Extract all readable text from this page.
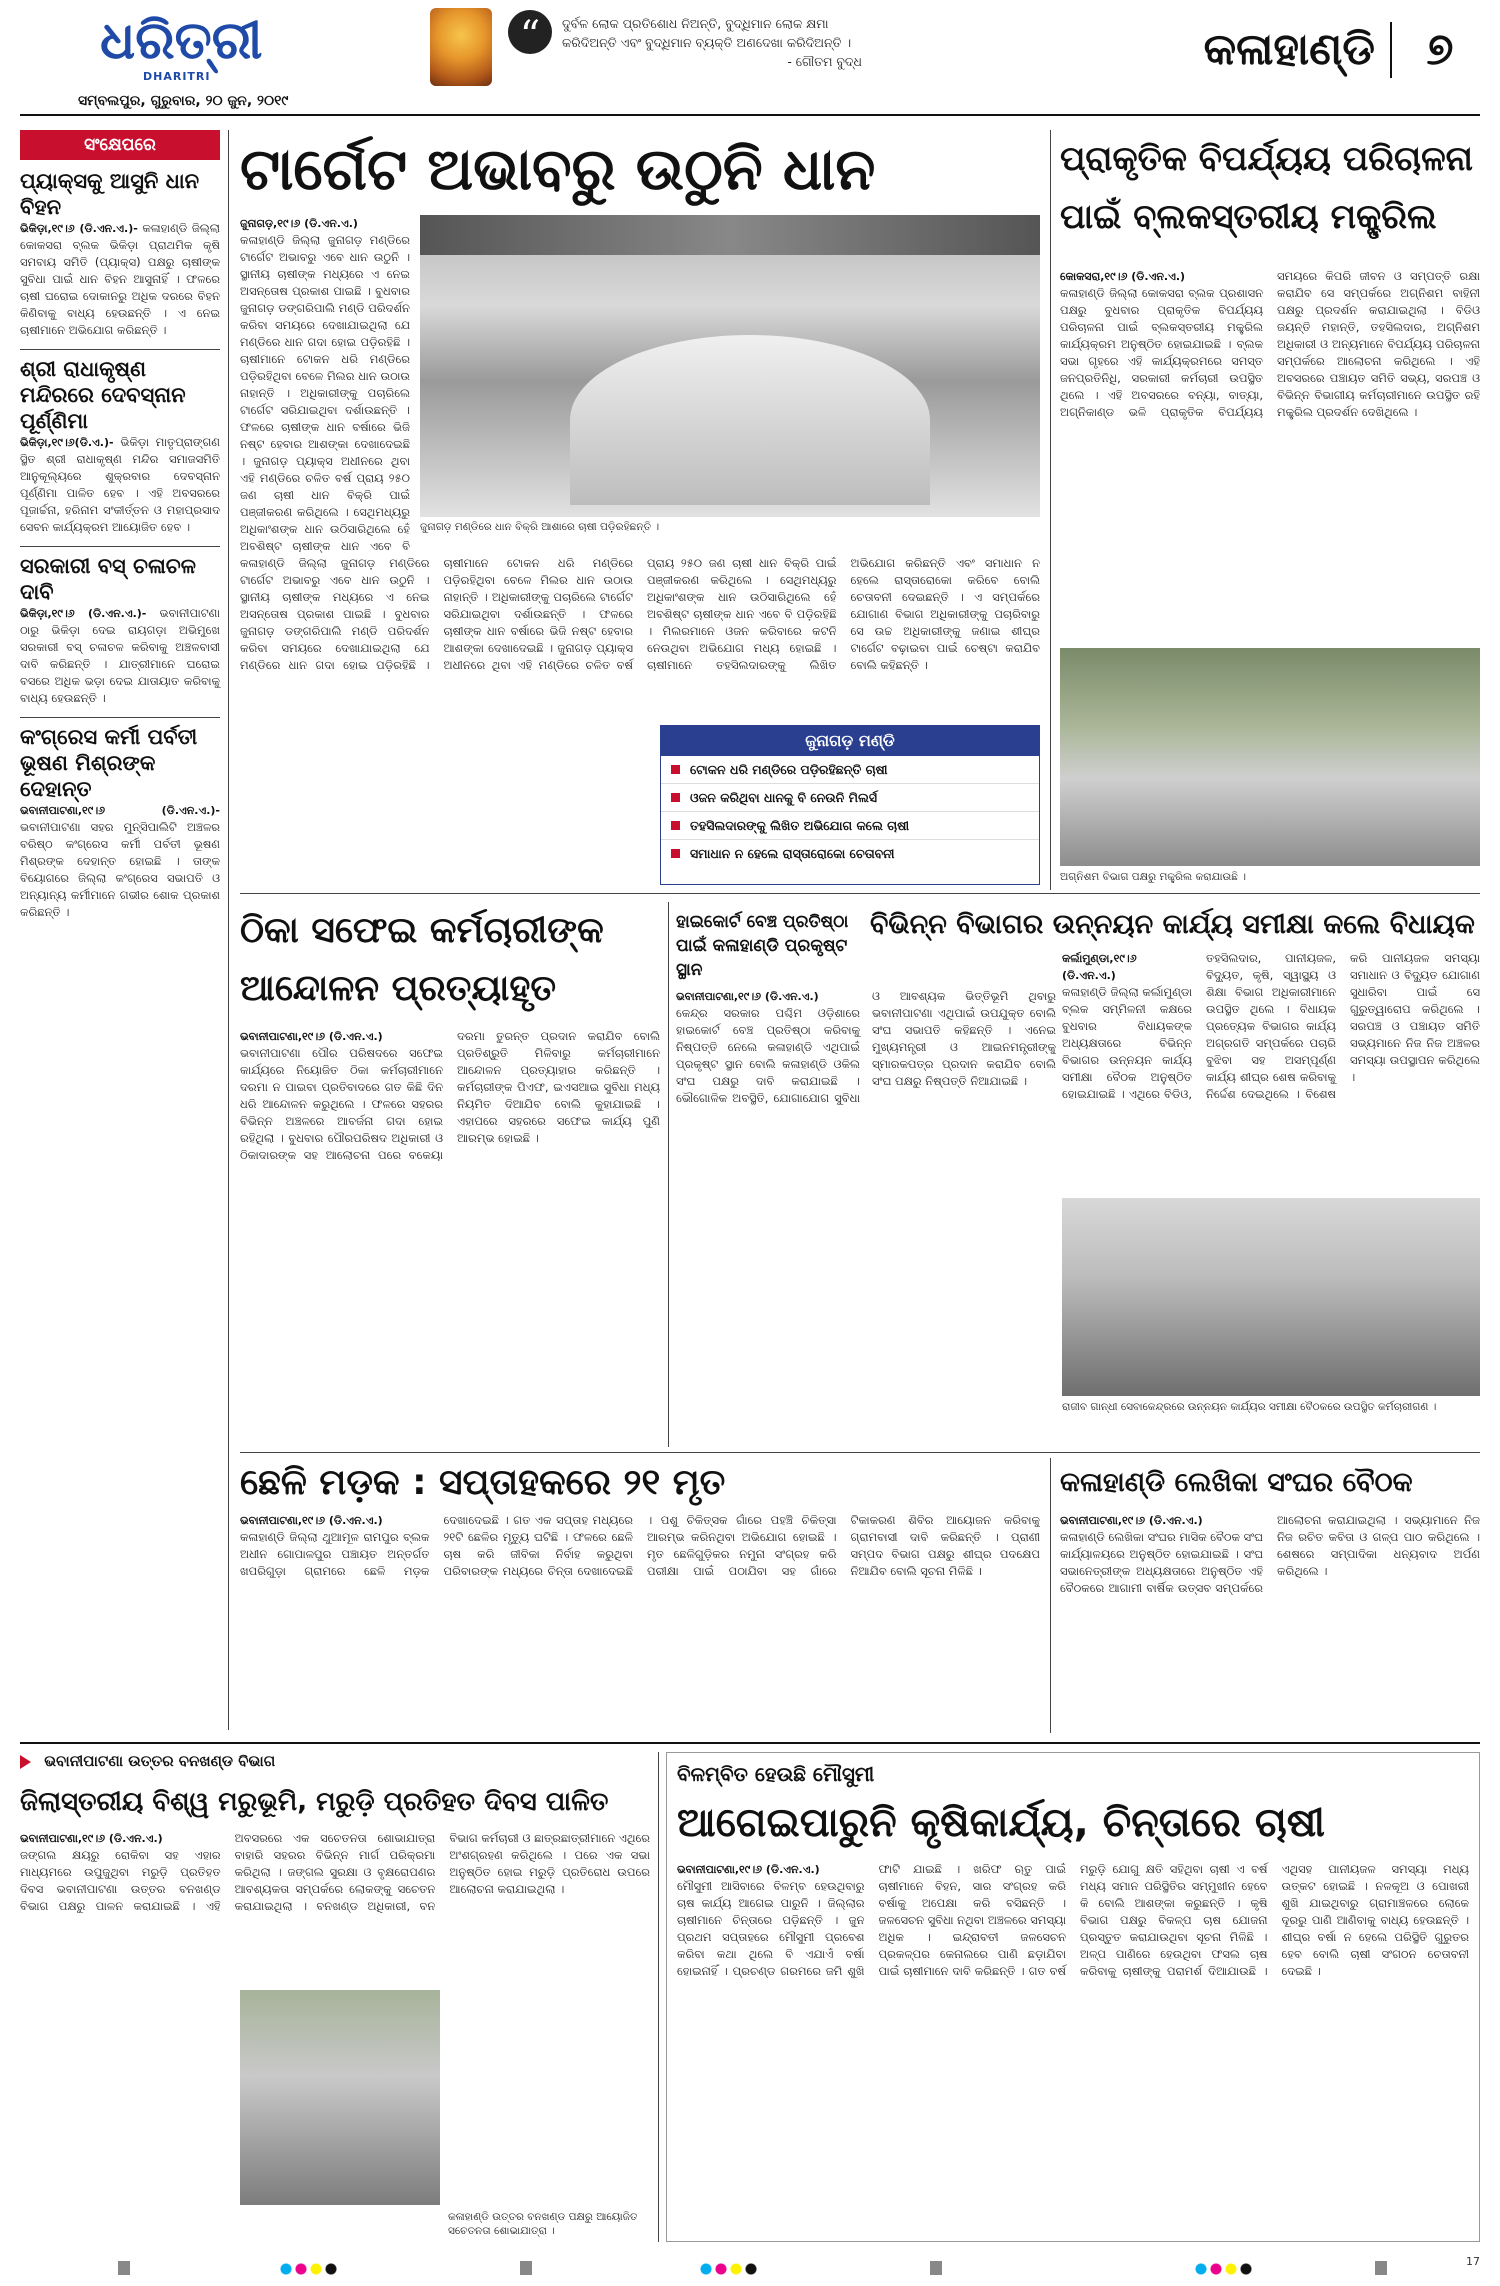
ଧରିତ୍ରୀ
DHARITRI
ସମ୍ବଲପୁର, ଗୁରୁବାର, ୨୦ ଜୁନ, ୨୦୧୯
“	ଦୁର୍ବଳ ଲୋକ ପ୍ରତିଶୋଧ ନିଅନ୍ତି, ବୁଦ୍ଧିମାନ ଲୋକ କ୍ଷମା
କରିଦିଅନ୍ତି ଏବଂ ବୁଦ୍ଧିମାନ ବ୍ୟକ୍ତି ଅଣଦେଖା କରିଦିଅନ୍ତି ।
- ଗୌତମ ବୁଦ୍ଧ	କଳାହାଣ୍ଡି	୭
ସଂକ୍ଷେପରେ
ପ୍ୟାକ୍ସକୁ ଆସୁନି ଧାନ ବିହନ
ଭିକିଡ଼ା,୧୯।୬ (ଡି.ଏନ.ଏ.)- କଳାହାଣ୍ଡି ଜିଲ୍ଲା କୋକସରା ବ୍ଲକ ଭିକିଡ଼ା ପ୍ରାଥମିକ କୃଷି ସମବାୟ ସମିତି (ପ୍ୟାକ୍ସ) ପକ୍ଷରୁ ଚାଷୀଙ୍କ ସୁବିଧା ପାଇଁ ଧାନ ବିହନ ଆସୁନାହିଁ । ଫଳରେ ଚାଷୀ ଘରୋଇ ଦୋକାନରୁ ଅଧିକ ଦରରେ ବିହନ କିଣିବାକୁ ବାଧ୍ୟ ହେଉଛନ୍ତି । ଏ ନେଇ ଚାଷୀମାନେ ଅଭିଯୋଗ କରିଛନ୍ତି ।
ଶ୍ରୀ ରାଧାକୃଷ୍ଣ ମନ୍ଦିରରେ ଦେବସ୍ନାନ ପୂର୍ଣ୍ଣିମା
ଭିକିଡ଼ା,୧୯।୬(ଡି.ଏ.)- ଭିକିଡ଼ା ମାତୃପ୍ରାଙ୍ଗଣ ସ୍ଥିତ ଶ୍ରୀ ରାଧାକୃଷ୍ଣ ମନ୍ଦିର ସମାଜସମିତି ଆନୁକୂଲ୍ୟରେ ଶୁକ୍ରବାର ଦେବସ୍ନାନ ପୂର୍ଣ୍ଣିମା ପାଳିତ ହେବ । ଏହି ଅବସରରେ ପୂଜାର୍ଚ୍ଚନା, ହରିନାମ ସଂକୀର୍ତ୍ତନ ଓ ମହାପ୍ରସାଦ ସେବନ କାର୍ଯ୍ୟକ୍ରମ ଆୟୋଜିତ ହେବ ।
ସରକାରୀ ବସ୍ ଚଳାଚଳ ଦାବି
ଭିକିଡ଼ା,୧୯।୬ (ଡି.ଏନ.ଏ.)- ଭବାନୀପାଟଣା ଠାରୁ ଭିକିଡ଼ା ଦେଇ ରାୟଗଡ଼ା ଅଭିମୁଖେ ସରକାରୀ ବସ୍ ଚଳାଚଳ କରିବାକୁ ଅଞ୍ଚଳବାସୀ ଦାବି କରିଛନ୍ତି । ଯାତ୍ରୀମାନେ ଘରୋଇ ବସରେ ଅଧିକ ଭଡ଼ା ଦେଇ ଯାତାୟାତ କରିବାକୁ ବାଧ୍ୟ ହେଉଛନ୍ତି ।
କଂଗ୍ରେସ କର୍ମୀ ପର୍ବତୀ ଭୂଷଣ ମିଶ୍ରଙ୍କ ଦେହାନ୍ତ
ଭବାନୀପାଟଣା,୧୯।୬ (ଡି.ଏନ.ଏ.)- ଭବାନୀପାଟଣା ସହର ମୁନ୍ସିପାଲିଟି ଅଞ୍ଚଳର ବରିଷ୍ଠ କଂଗ୍ରେସ କର୍ମୀ ପର୍ବତୀ ଭୂଷଣ ମିଶ୍ରଙ୍କ ଦେହାନ୍ତ ହୋଇଛି । ତାଙ୍କ ବିୟୋଗରେ ଜିଲ୍ଲା କଂଗ୍ରେସ ସଭାପତି ଓ ଅନ୍ୟାନ୍ୟ କର୍ମୀମାନେ ଗଭୀର ଶୋକ ପ୍ରକାଶ କରିଛନ୍ତି ।
ଟାର୍ଗେଟ ଅଭାବରୁ ଉଠୁନି ଧାନ
ଜୁନାଗଡ଼,୧୯।୬ (ଡି.ଏନ.ଏ.)
କଳାହାଣ୍ଡି ଜିଲ୍ଲା ଜୁନାଗଡ଼ ମଣ୍ଡିରେ ଟାର୍ଗେଟ ଅଭାବରୁ ଏବେ ଧାନ ଉଠୁନି । ସ୍ଥାନୀୟ ଚାଷୀଙ୍କ ମଧ୍ୟରେ ଏ ନେଇ ଅସନ୍ତୋଷ ପ୍ରକାଶ ପାଇଛି । ବୁଧବାର ଜୁନାଗଡ଼ ଡଙ୍ଗରିପାଲି ମଣ୍ଡି ପରିଦର୍ଶନ କରିବା ସମୟରେ ଦେଖାଯାଇଥିଲା ଯେ ମଣ୍ଡିରେ ଧାନ ଗଦା ହୋଇ ପଡ଼ିରହିଛି । ଚାଷୀମାନେ ଟୋକନ ଧରି ମଣ୍ଡିରେ ପଡ଼ିରହିଥିବା ବେଳେ ମିଲର ଧାନ ଉଠାଉ ନାହାନ୍ତି । ଅଧିକାରୀଙ୍କୁ ପଚାରିଲେ ଟାର୍ଗେଟ ସରିଯାଇଥିବା ଦର୍ଶାଉଛନ୍ତି । ଫଳରେ ଚାଷୀଙ୍କ ଧାନ ବର୍ଷାରେ ଭିଜି ନଷ୍ଟ ହେବାର ଆଶଙ୍କା ଦେଖାଦେଇଛି । ଜୁନାଗଡ଼ ପ୍ୟାକ୍ସ ଅଧୀନରେ ଥିବା ଏହି ମଣ୍ଡିରେ ଚଳିତ ବର୍ଷ ପ୍ରାୟ ୨୫୦ ଜଣ ଚାଷୀ ଧାନ ବିକ୍ରି ପାଇଁ ପଞ୍ଜୀକରଣ କରିଥିଲେ । ସେଥିମଧ୍ୟରୁ ଅଧିକାଂଶଙ୍କ ଧାନ ଉଠିସାରିଥିଲେ ହେଁ ଅବଶିଷ୍ଟ ଚାଷୀଙ୍କ ଧାନ ଏବେ ବି
ଜୁନାଗଡ଼ ମଣ୍ଡିରେ ଧାନ ବିକ୍ରି ଆଶାରେ ଚାଷୀ ପଡ଼ିରହିଛନ୍ତି ।
କଳାହାଣ୍ଡି ଜିଲ୍ଲା ଜୁନାଗଡ଼ ମଣ୍ଡିରେ ଟାର୍ଗେଟ ଅଭାବରୁ ଏବେ ଧାନ ଉଠୁନି । ସ୍ଥାନୀୟ ଚାଷୀଙ୍କ ମଧ୍ୟରେ ଏ ନେଇ ଅସନ୍ତୋଷ ପ୍ରକାଶ ପାଇଛି । ବୁଧବାର ଜୁନାଗଡ଼ ଡଙ୍ଗରିପାଲି ମଣ୍ଡି ପରିଦର୍ଶନ କରିବା ସମୟରେ ଦେଖାଯାଇଥିଲା ଯେ ମଣ୍ଡିରେ ଧାନ ଗଦା ହୋଇ ପଡ଼ିରହିଛି । ଚାଷୀମାନେ ଟୋକନ ଧରି ମଣ୍ଡିରେ ପଡ଼ିରହିଥିବା ବେଳେ ମିଲର ଧାନ ଉଠାଉ ନାହାନ୍ତି । ଅଧିକାରୀଙ୍କୁ ପଚାରିଲେ ଟାର୍ଗେଟ ସରିଯାଇଥିବା ଦର୍ଶାଉଛନ୍ତି । ଫଳରେ ଚାଷୀଙ୍କ ଧାନ ବର୍ଷାରେ ଭିଜି ନଷ୍ଟ ହେବାର ଆଶଙ୍କା ଦେଖାଦେଇଛି । ଜୁନାଗଡ଼ ପ୍ୟାକ୍ସ ଅଧୀନରେ ଥିବା ଏହି ମଣ୍ଡିରେ ଚଳିତ ବର୍ଷ ପ୍ରାୟ ୨୫୦ ଜଣ ଚାଷୀ ଧାନ ବିକ୍ରି ପାଇଁ ପଞ୍ଜୀକରଣ କରିଥିଲେ । ସେଥିମଧ୍ୟରୁ ଅଧିକାଂଶଙ୍କ ଧାନ ଉଠିସାରିଥିଲେ ହେଁ ଅବଶିଷ୍ଟ ଚାଷୀଙ୍କ ଧାନ ଏବେ ବି ପଡ଼ିରହିଛି । ମିଲରମାନେ ଓଜନ କରିବାରେ କଟନି ନେଉଥିବା ଅଭିଯୋଗ ମଧ୍ୟ ହୋଇଛି । ଚାଷୀମାନେ ତହସିଲଦାରଙ୍କୁ ଲିଖିତ ଅଭିଯୋଗ କରିଛନ୍ତି ଏବଂ ସମାଧାନ ନ ହେଲେ ରାସ୍ତାରୋକୋ କରିବେ ବୋଲି ଚେତାବନୀ ଦେଇଛନ୍ତି । ଏ ସମ୍ପର୍କରେ ଯୋଗାଣ ବିଭାଗ ଅଧିକାରୀଙ୍କୁ ପଚାରିବାରୁ ସେ ଉଚ୍ଚ ଅଧିକାରୀଙ୍କୁ ଜଣାଇ ଶୀଘ୍ର ଟାର୍ଗେଟ ବଢ଼ାଇବା ପାଇଁ ଚେଷ୍ଟା କରାଯିବ ବୋଲି କହିଛନ୍ତି ।
ଜୁନାଗଡ଼ ମଣ୍ଡି
ଟୋକନ ଧରି ମଣ୍ଡିରେ ପଡ଼ିରହିଛନ୍ତି ଚାଷୀ
ଓଜନ କରିଥିବା ଧାନକୁ ବି ନେଉନି ମିଲର୍ସ
ତହସିଲଦାରଙ୍କୁ ଲିଖିତ ଅଭିଯୋଗ କଲେ ଚାଷୀ
ସମାଧାନ ନ ହେଲେ ରାସ୍ତାରୋକୋ ଚେତାବନୀ
ପ୍ରାକୃତିକ ବିପର୍ଯ୍ୟୟ ପରିଚାଳନା ପାଇଁ ବ୍ଲକସ୍ତରୀୟ ମକ୍ଡ୍ରିଲ
କୋକସରା,୧୯।୬ (ଡି.ଏନ.ଏ.)
କଳାହାଣ୍ଡି ଜିଲ୍ଲା କୋକସରା ବ୍ଲକ ପ୍ରଶାସନ ପକ୍ଷରୁ ବୁଧବାର ପ୍ରାକୃତିକ ବିପର୍ଯ୍ୟୟ ପରିଚାଳନା ପାଇଁ ବ୍ଲକସ୍ତରୀୟ ମକ୍ଡ୍ରିଲ କାର୍ଯ୍ୟକ୍ରମ ଅନୁଷ୍ଠିତ ହୋଇଯାଇଛି । ବ୍ଲକ ସଭା ଗୃହରେ ଏହି କାର୍ଯ୍ୟକ୍ରମରେ ସମସ୍ତ ଜନପ୍ରତିନିଧି, ସରକାରୀ କର୍ମଚାରୀ ଉପସ୍ଥିତ ଥିଲେ । ଏହି ଅବସରରେ ବନ୍ୟା, ବାତ୍ୟା, ଅଗ୍ନିକାଣ୍ଡ ଭଳି ପ୍ରାକୃତିକ ବିପର୍ଯ୍ୟୟ ସମୟରେ କିପରି ଜୀବନ ଓ ସମ୍ପତ୍ତି ରକ୍ଷା କରାଯିବ ସେ ସମ୍ପର୍କରେ ଅଗ୍ନିଶମ ବାହିନୀ ପକ୍ଷରୁ ପ୍ରଦର୍ଶନ କରାଯାଇଥିଲା । ବିଡିଓ ଜୟନ୍ତି ମହାନ୍ତି, ତହସିଲଦାର, ଅଗ୍ନିଶମ ଅଧିକାରୀ ଓ ଅନ୍ୟମାନେ ବିପର୍ଯ୍ୟୟ ପରିଚାଳନା ସମ୍ପର୍କରେ ଆଲୋଚନା କରିଥିଲେ । ଏହି ଅବସରରେ ପଞ୍ଚାୟତ ସମିତି ସଭ୍ୟ, ସରପଞ୍ଚ ଓ ବିଭିନ୍ନ ବିଭାଗୀୟ କର୍ମଚାରୀମାନେ ଉପସ୍ଥିତ ରହି ମକ୍ଡ୍ରିଲ ପ୍ରଦର୍ଶନ ଦେଖିଥିଲେ ।
ଅଗ୍ନିଶମ ବିଭାଗ ପକ୍ଷରୁ ମକ୍ଡ୍ରିଲ କରାଯାଉଛି ।
ଠିକା ସଫେଇ କର୍ମଚାରୀଙ୍କ ଆନ୍ଦୋଳନ ପ୍ରତ୍ୟାହୃତ
ଭବାନୀପାଟଣା,୧୯।୬ (ଡି.ଏନ.ଏ.)
ଭବାନୀପାଟଣା ପୌର ପରିଷଦରେ ସଫେଇ କାର୍ଯ୍ୟରେ ନିୟୋଜିତ ଠିକା କର୍ମଚାରୀମାନେ ଦରମା ନ ପାଇବା ପ୍ରତିବାଦରେ ଗତ କିଛି ଦିନ ଧରି ଆନ୍ଦୋଳନ କରୁଥିଲେ । ଫଳରେ ସହରର ବିଭିନ୍ନ ଅଞ୍ଚଳରେ ଆବର୍ଜନା ଗଦା ହୋଇ ରହିଥିଲା । ବୁଧବାର ପୌରପରିଷଦ ଅଧିକାରୀ ଓ ଠିକାଦାରଙ୍କ ସହ ଆଲୋଚନା ପରେ ବକେୟା ଦରମା ତୁରନ୍ତ ପ୍ରଦାନ କରାଯିବ ବୋଲି ପ୍ରତିଶ୍ରୁତି ମିଳିବାରୁ କର୍ମଚାରୀମାନେ ଆନ୍ଦୋଳନ ପ୍ରତ୍ୟାହାର କରିଛନ୍ତି । କର୍ମଚାରୀଙ୍କ ପିଏଫ, ଇଏସଆଇ ସୁବିଧା ମଧ୍ୟ ନିୟମିତ ଦିଆଯିବ ବୋଲି କୁହାଯାଇଛି । ଏହାପରେ ସହରରେ ସଫେଇ କାର୍ଯ୍ୟ ପୁଣି ଆରମ୍ଭ ହୋଇଛି ।
ହାଇକୋର୍ଟ ବେଞ୍ଚ ପ୍ରତିଷ୍ଠା ପାଇଁ କଳାହାଣ୍ଡି ପ୍ରକୃଷ୍ଟ ସ୍ଥାନ
ଭବାନୀପାଟଣା,୧୯।୬ (ଡି.ଏନ.ଏ.)
କେନ୍ଦ୍ର ସରକାର ପଶ୍ଚିମ ଓଡ଼ିଶାରେ ହାଇକୋର୍ଟ ବେଞ୍ଚ ପ୍ରତିଷ୍ଠା କରିବାକୁ ନିଷ୍ପତ୍ତି ନେଲେ କଳାହାଣ୍ଡି ଏଥିପାଇଁ ପ୍ରକୃଷ୍ଟ ସ୍ଥାନ ବୋଲି କଳାହାଣ୍ଡି ଓକିଲ ସଂଘ ପକ୍ଷରୁ ଦାବି କରାଯାଇଛି । ଭୌଗୋଳିକ ଅବସ୍ଥିତି, ଯୋଗାଯୋଗ ସୁବିଧା ଓ ଆବଶ୍ୟକ ଭିତ୍ତିଭୂମି ଥିବାରୁ ଭବାନୀପାଟଣା ଏଥିପାଇଁ ଉପଯୁକ୍ତ ବୋଲି ସଂଘ ସଭାପତି କହିଛନ୍ତି । ଏନେଇ ମୁଖ୍ୟମନ୍ତ୍ରୀ ଓ ଆଇନମନ୍ତ୍ରୀଙ୍କୁ ସ୍ମାରକପତ୍ର ପ୍ରଦାନ କରାଯିବ ବୋଲି ସଂଘ ପକ୍ଷରୁ ନିଷ୍ପତ୍ତି ନିଆଯାଇଛି ।
ବିଭିନ୍ନ ବିଭାଗର ଉନ୍ନୟନ କାର୍ଯ୍ୟ ସମୀକ୍ଷା କଲେ ବିଧାୟକ
କର୍ଲାମୁଣ୍ଡା,୧୯।୬ (ଡି.ଏନ.ଏ.)
କଳାହାଣ୍ଡି ଜିଲ୍ଲା କର୍ଲାମୁଣ୍ଡା ବ୍ଲକ ସମ୍ମିଳନୀ କକ୍ଷରେ ବୁଧବାର ବିଧାୟକଙ୍କ ଅଧ୍ୟକ୍ଷତାରେ ବିଭିନ୍ନ ବିଭାଗର ଉନ୍ନୟନ କାର୍ଯ୍ୟ ସମୀକ୍ଷା ବୈଠକ ଅନୁଷ୍ଠିତ ହୋଇଯାଇଛି । ଏଥିରେ ବିଡିଓ, ତହସିଲଦାର, ପାନୀୟଜଳ, ବିଦ୍ୟୁତ, କୃଷି, ସ୍ୱାସ୍ଥ୍ୟ ଓ ଶିକ୍ଷା ବିଭାଗ ଅଧିକାରୀମାନେ ଉପସ୍ଥିତ ଥିଲେ । ବିଧାୟକ ପ୍ରତ୍ୟେକ ବିଭାଗର କାର୍ଯ୍ୟ ଅଗ୍ରଗତି ସମ୍ପର୍କରେ ପଚାରି ବୁଝିବା ସହ ଅସମ୍ପୂର୍ଣ୍ଣ କାର୍ଯ୍ୟ ଶୀଘ୍ର ଶେଷ କରିବାକୁ ନିର୍ଦ୍ଦେଶ ଦେଇଥିଲେ । ବିଶେଷ କରି ପାନୀୟଜଳ ସମସ୍ୟା ସମାଧାନ ଓ ବିଦ୍ୟୁତ ଯୋଗାଣ ସୁଧାରିବା ପାଇଁ ସେ ଗୁରୁତ୍ୱାରୋପ କରିଥିଲେ । ସରପଞ୍ଚ ଓ ପଞ୍ଚାୟତ ସମିତି ସଭ୍ୟମାନେ ନିଜ ନିଜ ଅଞ୍ଚଳର ସମସ୍ୟା ଉପସ୍ଥାପନ କରିଥିଲେ ।
ରାଜୀବ ଗାନ୍ଧୀ ସେବାକେନ୍ଦ୍ରରେ ଉନ୍ନୟନ କାର୍ଯ୍ୟର ସମୀକ୍ଷା ବୈଠକରେ ଉପସ୍ଥିତ କର୍ମଚାରୀଗଣ ।
ଛେଳି ମଡ଼କ : ସପ୍ତାହକରେ ୨୧ ମୃତ
ଭବାନୀପାଟଣା,୧୯।୬ (ଡି.ଏନ.ଏ.)
କଳାହାଣ୍ଡି ଜିଲ୍ଲା ଥୁଆମୂଳ ରାମପୁର ବ୍ଲକ ଅଧୀନ ଗୋପାଳପୁର ପଞ୍ଚାୟତ ଅନ୍ତର୍ଗତ ଖପରିଗୁଡ଼ା ଗ୍ରାମରେ ଛେଳି ମଡ଼କ ଦେଖାଦେଇଛି । ଗତ ଏକ ସପ୍ତାହ ମଧ୍ୟରେ ୨୧ଟି ଛେଳିର ମୃତ୍ୟୁ ଘଟିଛି । ଫଳରେ ଛେଳି ଚାଷ କରି ଜୀବିକା ନିର୍ବାହ କରୁଥିବା ପରିବାରଙ୍କ ମଧ୍ୟରେ ଚିନ୍ତା ଦେଖାଦେଇଛି । ପଶୁ ଚିକିତ୍ସକ ଗାଁରେ ପହଞ୍ଚି ଚିକିତ୍ସା ଆରମ୍ଭ କରିନଥିବା ଅଭିଯୋଗ ହୋଇଛି । ମୃତ ଛେଳିଗୁଡ଼ିକର ନମୁନା ସଂଗ୍ରହ କରି ପରୀକ୍ଷା ପାଇଁ ପଠାଯିବା ସହ ଗାଁରେ ଟିକାକରଣ ଶିବିର ଆୟୋଜନ କରିବାକୁ ଗ୍ରାମବାସୀ ଦାବି କରିଛନ୍ତି । ପ୍ରାଣୀ ସମ୍ପଦ ବିଭାଗ ପକ୍ଷରୁ ଶୀଘ୍ର ପଦକ୍ଷେପ ନିଆଯିବ ବୋଲି ସୂଚନା ମିଳିଛି ।
କଳାହାଣ୍ଡି ଲେଖିକା ସଂଘର ବୈଠକ
ଭବାନୀପାଟଣା,୧୯।୬ (ଡି.ଏନ.ଏ.)
କଳାହାଣ୍ଡି ଲେଖିକା ସଂଘର ମାସିକ ବୈଠକ ସଂଘ କାର୍ଯ୍ୟାଳୟରେ ଅନୁଷ୍ଠିତ ହୋଇଯାଇଛି । ସଂଘ ସଭାନେତ୍ରୀଙ୍କ ଅଧ୍ୟକ୍ଷତାରେ ଅନୁଷ୍ଠିତ ଏହି ବୈଠକରେ ଆଗାମୀ ବାର୍ଷିକ ଉତ୍ସବ ସମ୍ପର୍କରେ ଆଲୋଚନା କରାଯାଇଥିଲା । ସଭ୍ୟାମାନେ ନିଜ ନିଜ ରଚିତ କବିତା ଓ ଗଳ୍ପ ପାଠ କରିଥିଲେ । ଶେଷରେ ସମ୍ପାଦିକା ଧନ୍ୟବାଦ ଅର୍ପଣ କରିଥିଲେ ।
ଭବାନୀପାଟଣା ଉତ୍ତର ବନଖଣ୍ଡ ବିଭାଗ
ଜିଲାସ୍ତରୀୟ ବିଶ୍ୱ ମରୁଭୂମି, ମରୁଡ଼ି ପ୍ରତିହତ ଦିବସ ପାଳିତ
ଭବାନୀପାଟଣା,୧୯।୬ (ଡି.ଏନ.ଏ.)
ଜଙ୍ଗଲ କ୍ଷୟରୁ ରୋକିବା ସହ ଏହାର ମାଧ୍ୟମରେ ଉପୁଜୁଥିବା ମରୁଡ଼ି ପ୍ରତିହତ ଦିବସ ଭବାନୀପାଟଣା ଉତ୍ତର ବନଖଣ୍ଡ ବିଭାଗ ପକ୍ଷରୁ ପାଳନ କରାଯାଇଛି । ଏହି ଅବସରରେ ଏକ ସଚେତନତା ଶୋଭାଯାତ୍ରା ବାହାରି ସହରର ବିଭିନ୍ନ ମାର୍ଗ ପରିକ୍ରମା କରିଥିଲା । ଜଙ୍ଗଲ ସୁରକ୍ଷା ଓ ବୃକ୍ଷରୋପଣର ଆବଶ୍ୟକତା ସମ୍ପର୍କରେ ଲୋକଙ୍କୁ ସଚେତନ କରାଯାଇଥିଲା । ବନଖଣ୍ଡ ଅଧିକାରୀ, ବନ ବିଭାଗ କର୍ମଚାରୀ ଓ ଛାତ୍ରଛାତ୍ରୀମାନେ ଏଥିରେ ଅଂଶଗ୍ରହଣ କରିଥିଲେ । ପରେ ଏକ ସଭା ଅନୁଷ୍ଠିତ ହୋଇ ମରୁଡ଼ି ପ୍ରତିରୋଧ ଉପରେ ଆଲୋଚନା କରାଯାଇଥିଲା ।
କଳାହାଣ୍ଡି ଉତ୍ତର ବନଖଣ୍ଡ ପକ୍ଷରୁ ଆୟୋଜିତ ସଚେତନତା ଶୋଭାଯାତ୍ରା ।
ବିଳମ୍ବିତ ହେଉଛି ମୌସୁମୀ
ଆଗେଇପାରୁନି କୃଷିକାର୍ଯ୍ୟ, ଚିନ୍ତାରେ ଚାଷୀ
ଭବାନୀପାଟଣା,୧୯।୬ (ଡି.ଏନ.ଏ.)
ମୌସୁମୀ ଆସିବାରେ ବିଳମ୍ବ ହେଉଥିବାରୁ ଚାଷ କାର୍ଯ୍ୟ ଆଗେଇ ପାରୁନି । ଜିଲ୍ଲାର ଚାଷୀମାନେ ଚିନ୍ତାରେ ପଡ଼ିଛନ୍ତି । ଜୁନ ପ୍ରଥମ ସପ୍ତାହରେ ମୌସୁମୀ ପ୍ରବେଶ କରିବା କଥା ଥିଲେ ବି ଏଯାଏଁ ବର୍ଷା ହୋଇନାହିଁ । ପ୍ରଚଣ୍ଡ ଗରମରେ ଜମି ଶୁଖି ଫାଟି ଯାଇଛି । ଖରିଫ ଋତୁ ପାଇଁ ଚାଷୀମାନେ ବିହନ, ସାର ସଂଗ୍ରହ କରି ବର୍ଷାକୁ ଅପେକ୍ଷା କରି ବସିଛନ୍ତି । ଜଳସେଚନ ସୁବିଧା ନଥିବା ଅଞ୍ଚଳରେ ସମସ୍ୟା ଅଧିକ । ଇନ୍ଦ୍ରାବତୀ ଜଳସେଚନ ପ୍ରକଳ୍ପର କେନାଲରେ ପାଣି ଛଡ଼ାଯିବା ପାଇଁ ଚାଷୀମାନେ ଦାବି କରିଛନ୍ତି । ଗତ ବର୍ଷ ମରୁଡ଼ି ଯୋଗୁ କ୍ଷତି ସହିଥିବା ଚାଷୀ ଏ ବର୍ଷ ମଧ୍ୟ ସମାନ ପରିସ୍ଥିତିର ସମ୍ମୁଖୀନ ହେବେ କି ବୋଲି ଆଶଙ୍କା କରୁଛନ୍ତି । କୃଷି ବିଭାଗ ପକ୍ଷରୁ ବିକଳ୍ପ ଚାଷ ଯୋଜନା ପ୍ରସ୍ତୁତ କରାଯାଉଥିବା ସୂଚନା ମିଳିଛି । ଅଳ୍ପ ପାଣିରେ ହେଉଥିବା ଫସଲ ଚାଷ କରିବାକୁ ଚାଷୀଙ୍କୁ ପରାମର୍ଶ ଦିଆଯାଉଛି । ଏଥିସହ ପାନୀୟଜଳ ସମସ୍ୟା ମଧ୍ୟ ଉତ୍କଟ ହୋଇଛି । ନଳକୂଅ ଓ ପୋଖରୀ ଶୁଖି ଯାଇଥିବାରୁ ଗ୍ରାମାଞ୍ଚଳରେ ଲୋକେ ଦୂରରୁ ପାଣି ଆଣିବାକୁ ବାଧ୍ୟ ହେଉଛନ୍ତି । ଶୀଘ୍ର ବର୍ଷା ନ ହେଲେ ପରିସ୍ଥିତି ଗୁରୁତର ହେବ ବୋଲି ଚାଷୀ ସଂଗଠନ ଚେତାବନୀ ଦେଇଛି ।
17
